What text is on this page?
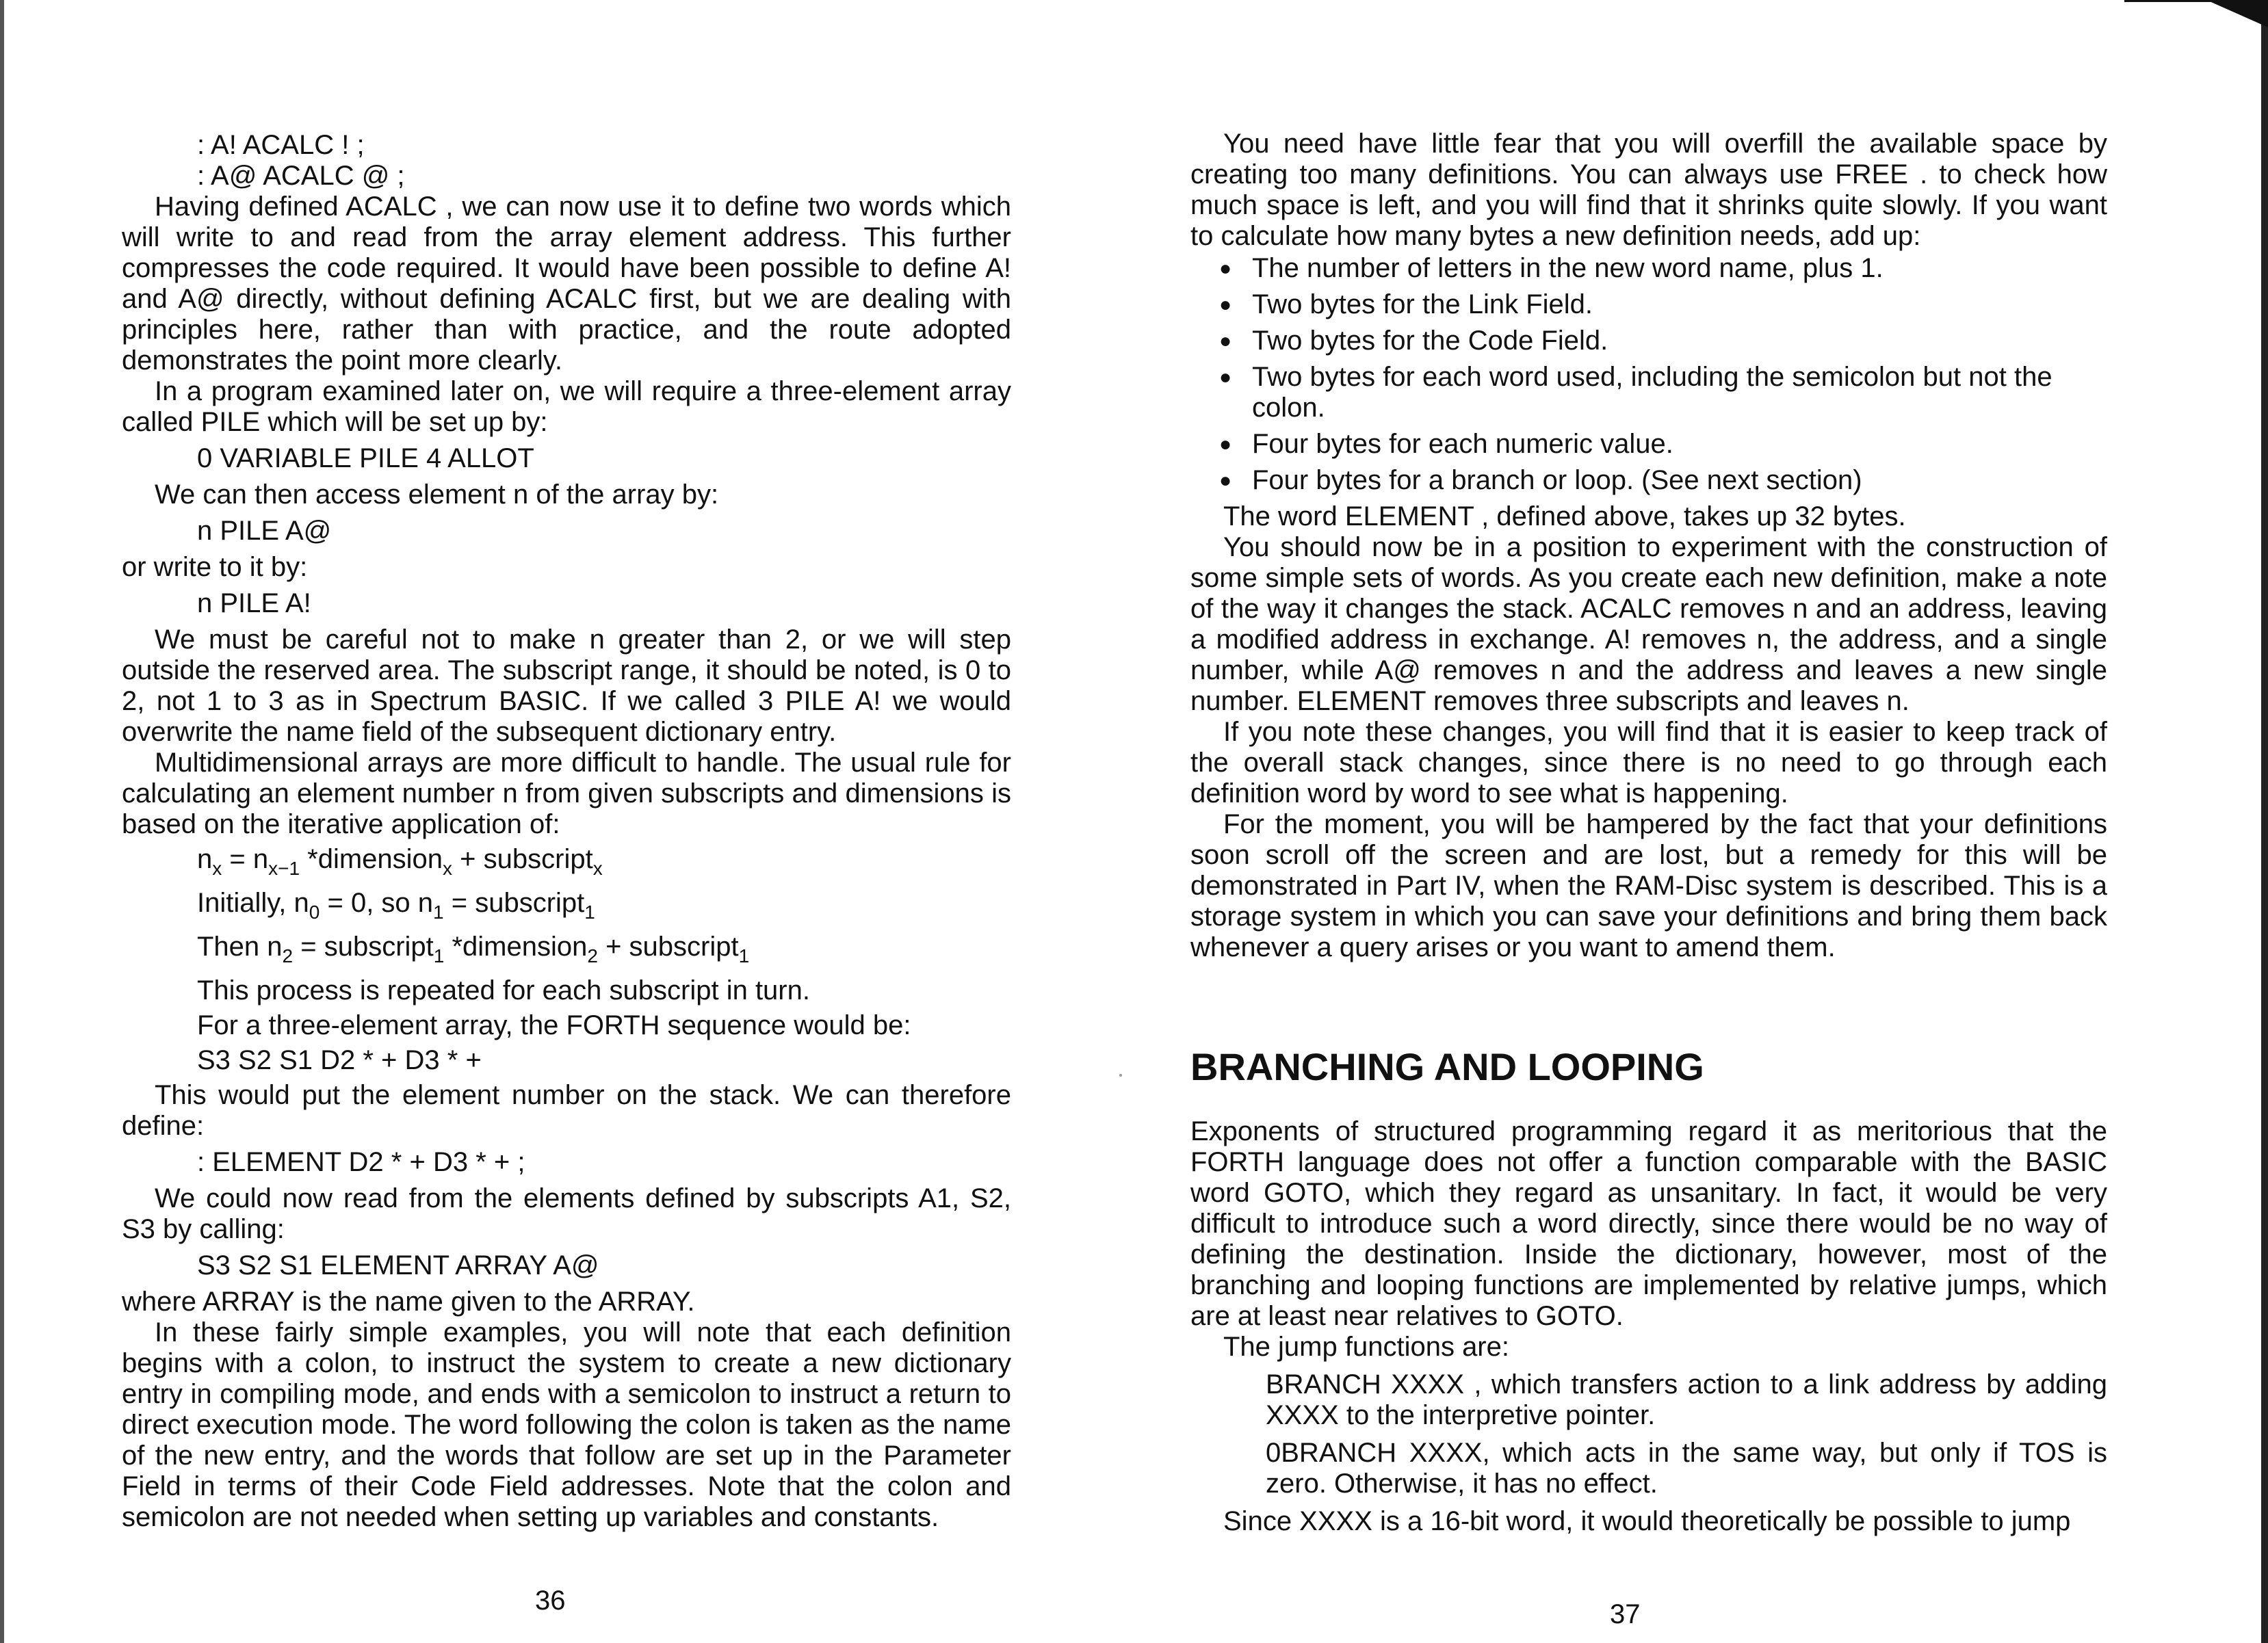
: A! ACALC ! ;

: A@ ACALC @ ;

Having defined ACALC , we can now use it to define two words which will write to and read from the array element address. This further compresses the code required. It would have been possible to define A! and A@ directly, without defining ACALC first, but we are dealing with principles here, rather than with practice, and the route adopted demonstrates the point more clearly.

In a program examined later on, we will require a three-element array called PILE which will be set up by:

0 VARIABLE PILE 4 ALLOT

We can then access element n of the array by:

n PILE A@

or write to it by:

n PILE A!

We must be careful not to make n greater than 2, or we will step outside the reserved area. The subscript range, it should be noted, is 0 to 2, not 1 to 3 as in Spectrum BASIC. If we called 3 PILE A! we would overwrite the name field of the subsequent dictionary entry.

Multidimensional arrays are more difficult to handle. The usual rule for calculating an element number n from given subscripts and dimensions is based on the iterative application of:

$n_x = n_{x-1}$ *dimension$_x$ + subscript$_x$

Initially, $n_0 = 0$, so $n_1$ = subscript$_1$

Then $n_2$ = subscript$_1$ *dimension$_2$ + subscript$_1$

This process is repeated for each subscript in turn.

For a three-element array, the FORTH sequence would be:

S3 S2 S1 D2 * + D3 * +

This would put the element number on the stack. We can therefore define:

: ELEMENT D2 * + D3 * + ;

We could now read from the elements defined by subscripts A1, S2, S3 by calling:

S3 S2 S1 ELEMENT ARRAY A@

where ARRAY is the name given to the ARRAY.

In these fairly simple examples, you will note that each definition begins with a colon, to instruct the system to create a new dictionary entry in compiling mode, and ends with a semicolon to instruct a return to direct execution mode. The word following the colon is taken as the name of the new entry, and the words that follow are set up in the Parameter Field in terms of their Code Field addresses. Note that the colon and semicolon are not needed when setting up variables and constants.

36

You need have little fear that you will overfill the available space by creating too many definitions. You can always use FREE . to check how much space is left, and you will find that it shrinks quite slowly. If you want to calculate how many bytes a new definition needs, add up:

● The number of letters in the new word name, plus 1.
● Two bytes for the Link Field.
● Two bytes for the Code Field.
● Two bytes for each word used, including the semicolon but not the colon.
● Four bytes for each numeric value.
● Four bytes for a branch or loop. (See next section)

The word ELEMENT , defined above, takes up 32 bytes.

You should now be in a position to experiment with the construction of some simple sets of words. As you create each new definition, make a note of the way it changes the stack. ACALC removes n and an address, leaving a modified address in exchange. A! removes n, the address, and a single number, while A@ removes n and the address and leaves a new single number. ELEMENT removes three subscripts and leaves n.

If you note these changes, you will find that it is easier to keep track of the overall stack changes, since there is no need to go through each definition word by word to see what is happening.

For the moment, you will be hampered by the fact that your definitions soon scroll off the screen and are lost, but a remedy for this will be demonstrated in Part IV, when the RAM-Disc system is described. This is a storage system in which you can save your definitions and bring them back whenever a query arises or you want to amend them.

BRANCHING AND LOOPING

Exponents of structured programming regard it as meritorious that the FORTH language does not offer a function comparable with the BASIC word GOTO, which they regard as unsanitary. In fact, it would be very difficult to introduce such a word directly, since there would be no way of defining the destination. Inside the dictionary, however, most of the branching and looping functions are implemented by relative jumps, which are at least near relatives to GOTO.

The jump functions are:

BRANCH XXXX , which transfers action to a link address by adding XXXX to the interpretive pointer.

0BRANCH XXXX, which acts in the same way, but only if TOS is zero. Otherwise, it has no effect.

Since XXXX is a 16-bit word, it would theoretically be possible to jump

37
